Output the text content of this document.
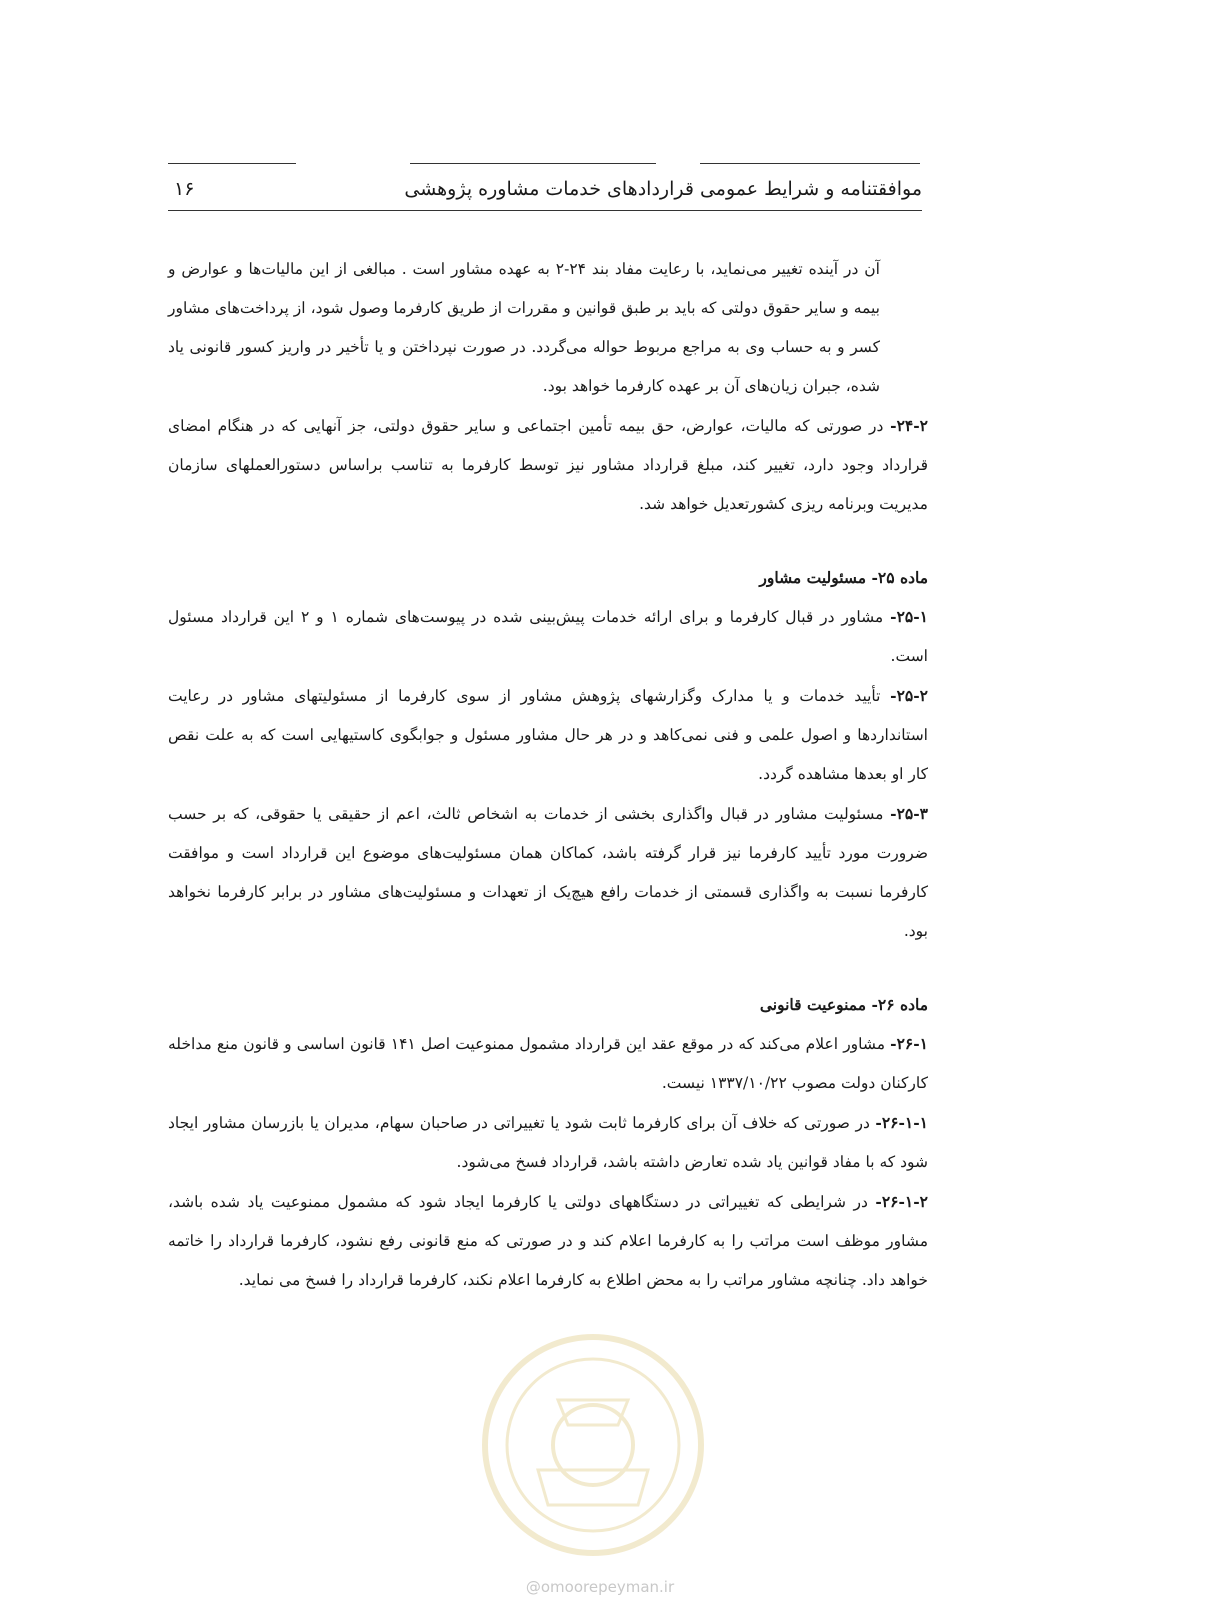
موافقتنامه و شرایط عمومی قراردادهای خدمات مشاوره پژوهشی
۱۶

آن در آینده تغییر می‌نماید، با رعایت مفاد بند ۲۴-۲ به عهده مشاور است . مبالغی از این مالیات‌ها و عوارض و بیمه و سایر حقوق دولتی که باید بر طبق قوانین و مقررات از طریق کارفرما وصول شود، از پرداخت‌های مشاور کسر و به حساب وی به مراجع مربوط حواله می‌گردد. در صورت نپرداختن و یا تأخیر در واریز کسور قانونی یاد شده، جبران زیان‌های آن بر عهده کارفرما خواهد بود.

۲۴-۲- در صورتی که مالیات، عوارض، حق بیمه تأمین اجتماعی و سایر حقوق دولتی، جز آنهایی که در هنگام امضای قرارداد وجود دارد، تغییر کند، مبلغ قرارداد مشاور نیز توسط کارفرما به تناسب براساس دستورالعملهای سازمان مدیریت وبرنامه ریزی کشورتعدیل خواهد شد.

ماده ۲۵- مسئولیت مشاور

۲۵-۱- مشاور در قبال کارفرما و برای ارائه خدمات پیش‌بینی شده در پیوست‌های شماره ۱ و ۲ این قرارداد مسئول است.

۲۵-۲- تأیید خدمات و یا مدارک وگزارشهای پژوهش مشاور از سوی کارفرما از مسئولیتهای مشاور در رعایت استانداردها و اصول علمی و فنی نمی‌کاهد و در هر حال مشاور مسئول و جوابگوی کاستیهایی است که به علت نقص کار او بعدها مشاهده گردد.

۲۵-۳- مسئولیت مشاور در قبال واگذاری بخشی از خدمات به اشخاص ثالث، اعم از حقیقی یا حقوقی، که بر حسب ضرورت مورد تأیید کارفرما نیز قرار گرفته باشد، کماکان همان مسئولیت‌های موضوع این قرارداد است و موافقت کارفرما نسبت به واگذاری قسمتی از خدمات رافع هیچ‌یک از تعهدات و مسئولیت‌های مشاور در برابر کارفرما نخواهد بود.

ماده ۲۶- ممنوعیت قانونی

۲۶-۱- مشاور اعلام می‌کند که در موقع عقد این قرارداد مشمول ممنوعیت اصل ۱۴۱ قانون اساسی و قانون منع مداخله کارکنان دولت مصوب ۱۳۳۷/۱۰/۲۲ نیست.

۲۶-۱-۱- در صورتی که خلاف آن برای کارفرما ثابت شود یا تغییراتی در صاحبان سهام، مدیران یا بازرسان مشاور ایجاد شود که با مفاد قوانین یاد شده تعارض داشته باشد، قرارداد فسخ می‌شود.

۲۶-۱-۲- در شرایطی که تغییراتی در دستگاههای دولتی یا کارفرما ایجاد شود که مشمول ممنوعیت یاد شده باشد، مشاور موظف است مراتب را به کارفرما اعلام کند و در صورتی که منع قانونی رفع نشود، کارفرما قرارداد را خاتمه خواهد داد. چنانچه مشاور مراتب را به محض اطلاع به کارفرما اعلام نکند، کارفرما قرارداد را فسخ می نماید.

@omoorepeyman.ir
